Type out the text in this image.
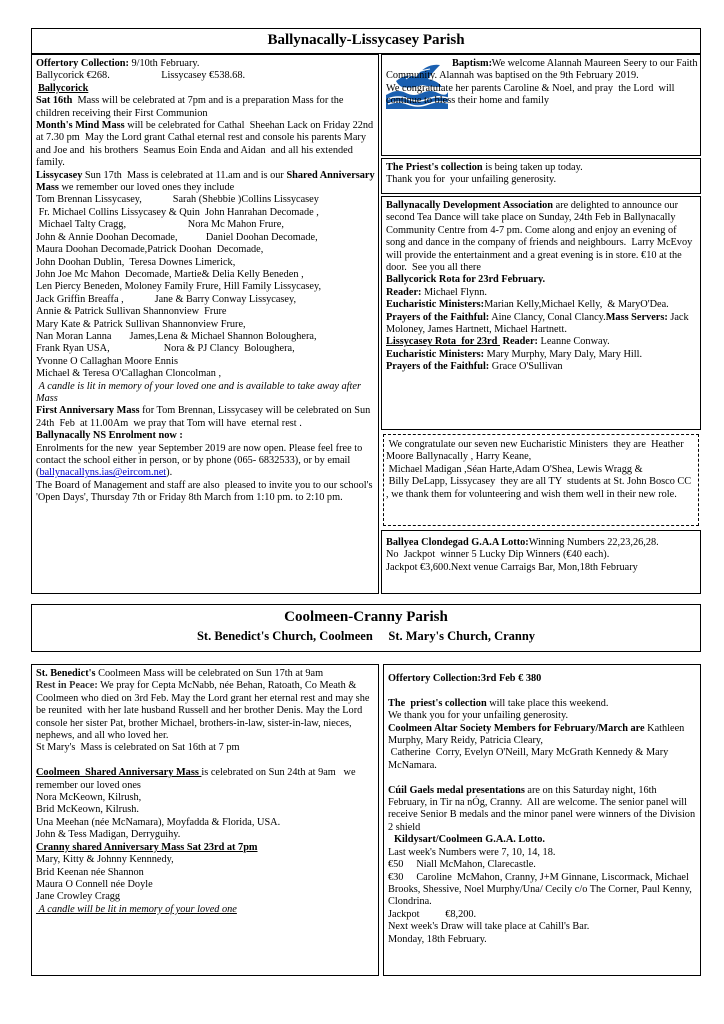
Ballynacally-Lissycasey Parish
Offertory Collection: 9/10th February.
Ballycorick €268.                    Lissycasey €538.68.
Ballycorick
Sat 16th  Mass will be celebrated at 7pm and is a preparation Mass for the children receiving their First Communion
Month's Mind Mass will be celebrated for Cathal  Sheehan Lack on Friday 22nd  at 7.30 pm  May the Lord grant Cathal eternal rest and console his parents Mary and Joe and  his brothers  Seamus Eoin Enda and Aidan  and all his extended family.
Lissycasey Sun 17th  Mass is celebrated at 11.am and is our Shared Anniversary Mass we remember our loved ones they include
Tom Brennan Lissycasey,            Sarah (Shebbie )Collins Lissycasey
Fr. Michael Collins Lissycasey & Quin  John Hanrahan Decomade ,
Michael Talty Cragg,                        Nora Mc Mahon Frure,
John & Annie Doohan Decomade,           Daniel Doohan Decomade,
Maura Doohan Decomade,Patrick Doohan  Decomade,
John Doohan Dublin,  Teresa Downes Limerick,
John Joe Mc Mahon  Decomade, Martie& Delia Kelly Beneden ,
Len Piercy Beneden, Moloney Family Frure, Hill Family Lissycasey,
Jack Griffin Breaffa ,            Jane & Barry Conway Lissycasey,
Annie & Patrick Sullivan Shannonview  Frure
Mary Kate & Patrick Sullivan Shannonview Frure,
Nan Moran Lanna       James,Lena & Michael Shannon Boloughera,
Frank Ryan USA,                     Nora & PJ Clancy  Boloughera,
Yvonne O Callaghan Moore Ennis
Michael & Teresa O'Callaghan Cloncolman ,
A candle is lit in memory of your loved one and is available to take away after Mass
First Anniversary Mass for Tom Brennan, Lissycasey will be celebrated on Sun 24th  Feb  at 11.00Am  we pray that Tom will have  eternal rest .
Ballynacally NS Enrolment now :
Enrolments for the new  year September 2019 are now open. Please feel free to contact the school either in person, or by phone (065- 6832533), or by email (ballynacallyns.ias@eircom.net).
The Board of Management and staff are also  pleased to invite you to our school's 'Open Days', Thursday 7th or Friday 8th March from 1:10 pm. to 2:10 pm.
Baptism: We welcome Alannah Maureen Seery to our Faith Community. Alannah was baptised on the 9th February 2019.
We congratulate her parents Caroline & Noel, and pray  the Lord  will continue to bless their home and family
The Priest's collection is being taken up today.
Thank you for  your unfailing generosity.
Ballynacally Development Association are delighted to announce our second Tea Dance will take place on Sunday, 24th Feb in Ballynacally Community Centre from 4-7 pm. Come along and enjoy an evening of song and dance in the company of friends and neighbours.  Larry McEvoy will provide the entertainment and a great evening is in store. €10 at the door.  See you all there
Ballycorick Rota for 23rd February.
Reader: Michael Flynn.
Eucharistic Ministers:Marian Kelly,Michael Kelly,  & MaryO'Dea. Prayers of the Faithful: Aine Clancy, Conal Clancy.Mass Servers: Jack Moloney, James Hartnett, Michael Hartnett.
Lissycasey Rota  for 23rd  Reader: Leanne Conway.
Eucharistic Ministers: Mary Murphy, Mary Daly, Mary Hill.
Prayers of the Faithful: Grace O'Sullivan
We congratulate our seven new Eucharistic Ministers  they are  Heather Moore Ballynacally , Harry Keane,
Michael Madigan ,Séan Harte,Adam O'Shea, Lewis Wragg &
Billy DeLapp, Lissycasey  they are all TY  students at St. John Bosco CC , we thank them for volunteering and wish them well in their new role.
Ballyea Clondegad G.A.A Lotto:Winning Numbers 22,23,26,28.
No  Jackpot  winner 5 Lucky Dip Winners (€40 each).
Jackpot €3,600.Next venue Carraigs Bar, Mon,18th February
Coolmeen-Cranny Parish
St. Benedict's Church, Coolmeen     St. Mary's Church, Cranny
St. Benedict's Coolmeen Mass will be celebrated on Sun 17th at 9am
Rest in Peace: We pray for Cepta McNabb, née Behan, Ratoath, Co Meath & Coolmeen who died on 3rd Feb. May the Lord grant her eternal rest and may she be reunited  with her late husband Russell and her brother Denis. May the Lord console her sister Pat, brother Michael, brothers-in-law, sister-in-law, nieces, nephews, and all who loved her.
St Mary's  Mass is celebrated on Sat 16th at 7 pm

Coolmeen  Shared Anniversary Mass is celebrated on Sun 24th at 9am   we remember our loved ones
Nora McKeown, Kilrush,
Brid McKeown, Kilrush.
Una Meehan (née McNamara), Moyfadda & Florida, USA.
John & Tess Madigan, Derryguihy.
Cranny shared Anniversary Mass Sat 23rd at 7pm
Mary, Kitty & Johnny Kennnedy,
Brid Keenan née Shannon
Maura O Connell née Doyle
Jane Crowley Cragg
A candle will be lit in memory of your loved one
Offertory Collection:3rd Feb € 380

The  priest's collection will take place this weekend.
We thank you for your unfailing generosity.
Coolmeen Altar Society Members for February/March are Kathleen Murphy, Mary Reidy, Patricia Cleary,
Catherine  Corry, Evelyn O'Neill, Mary McGrath Kennedy & Mary McNamara.

Cúil Gaels medal presentations are on this Saturday night, 16th February, in Tir na nÓg, Cranny.  All are welcome. The senior panel will receive Senior B medals and the minor panel were winners of the Division  2 shield
Kildysart/Coolmeen G.A.A. Lotto.
Last week's Numbers were 7, 10, 14, 18.
€50     Niall McMahon, Clarecastle.
€30     Caroline  McMahon, Cranny, J+M Ginnane, Liscormack, Michael Brooks, Shessive, Noel Murphy/Una/ Cecily c/o The Corner, Paul Kenny, Clondrina.
Jackpot          €8,200.
Next week's Draw will take place at Cahill's Bar.
Monday, 18th February.
